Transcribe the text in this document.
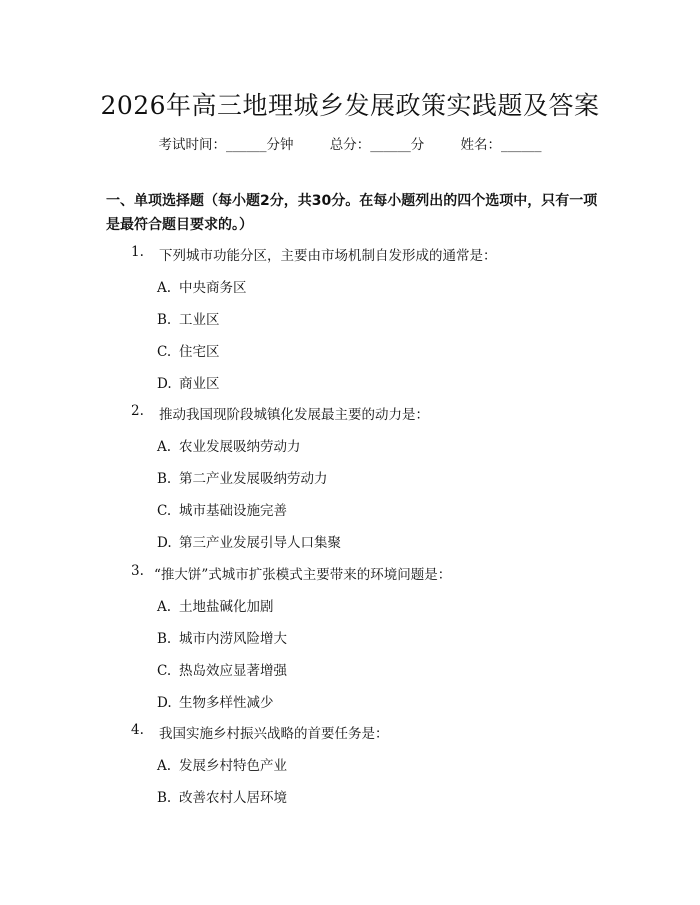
2026年高三地理城乡发展政策实践题及答案
考试时间：______分钟	总分：______分	姓名：______

一、单项选择题（每小题2分，共30分。在每小题列出的四个选项中，只有一项是最符合题目要求的。）

1. 下列城市功能分区，主要由市场机制自发形成的通常是：
A. 中央商务区
B. 工业区
C. 住宅区
D. 商业区
2. 推动我国现阶段城镇化发展最主要的动力是：
A. 农业发展吸纳劳动力
B. 第二产业发展吸纳劳动力
C. 城市基础设施完善
D. 第三产业发展引导人口集聚
3. “推大饼”式城市扩张模式主要带来的环境问题是：
A. 土地盐碱化加剧
B. 城市内涝风险增大
C. 热岛效应显著增强
D. 生物多样性减少
4. 我国实施乡村振兴战略的首要任务是：
A. 发展乡村特色产业
B. 改善农村人居环境
